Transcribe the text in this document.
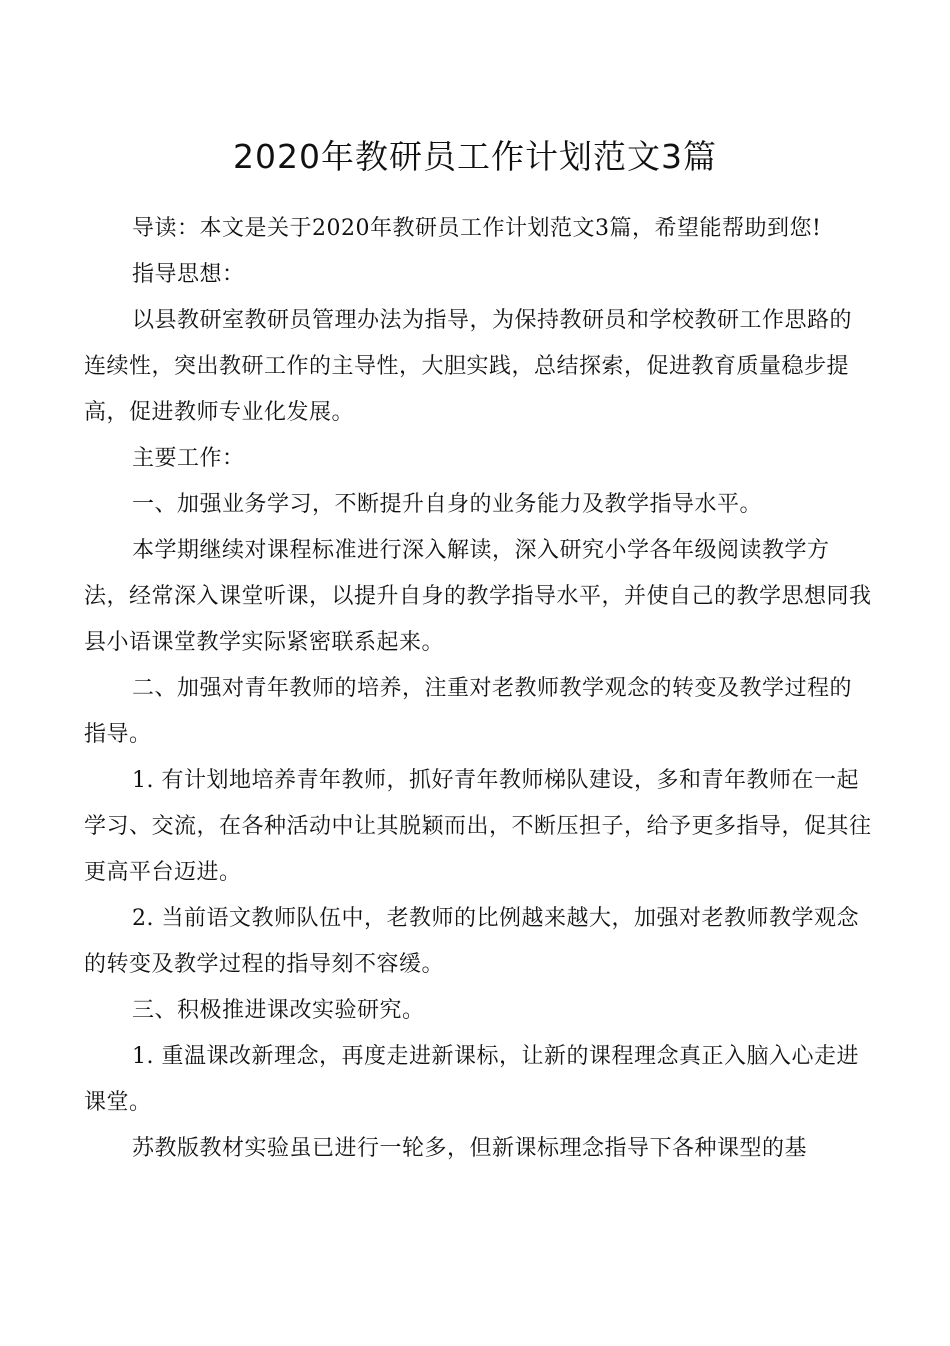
2020年教研员工作计划范文3篇

导读：本文是关于2020年教研员工作计划范文3篇，希望能帮助到您!

指导思想：

以县教研室教研员管理办法为指导，为保持教研员和学校教研工作思路的连续性，突出教研工作的主导性，大胆实践，总结探索，促进教育质量稳步提高，促进教师专业化发展。

主要工作：

一、加强业务学习，不断提升自身的业务能力及教学指导水平。

本学期继续对课程标准进行深入解读，深入研究小学各年级阅读教学方法，经常深入课堂听课，以提升自身的教学指导水平，并使自己的教学思想同我县小语课堂教学实际紧密联系起来。

二、加强对青年教师的培养，注重对老教师教学观念的转变及教学过程的指导。

1. 有计划地培养青年教师，抓好青年教师梯队建设，多和青年教师在一起学习、交流，在各种活动中让其脱颖而出，不断压担子，给予更多指导，促其往更高平台迈进。

2. 当前语文教师队伍中，老教师的比例越来越大，加强对老教师教学观念的转变及教学过程的指导刻不容缓。

三、积极推进课改实验研究。

1. 重温课改新理念，再度走进新课标，让新的课程理念真正入脑入心走进课堂。

苏教版教材实验虽已进行一轮多，但新课标理念指导下各种课型的基
